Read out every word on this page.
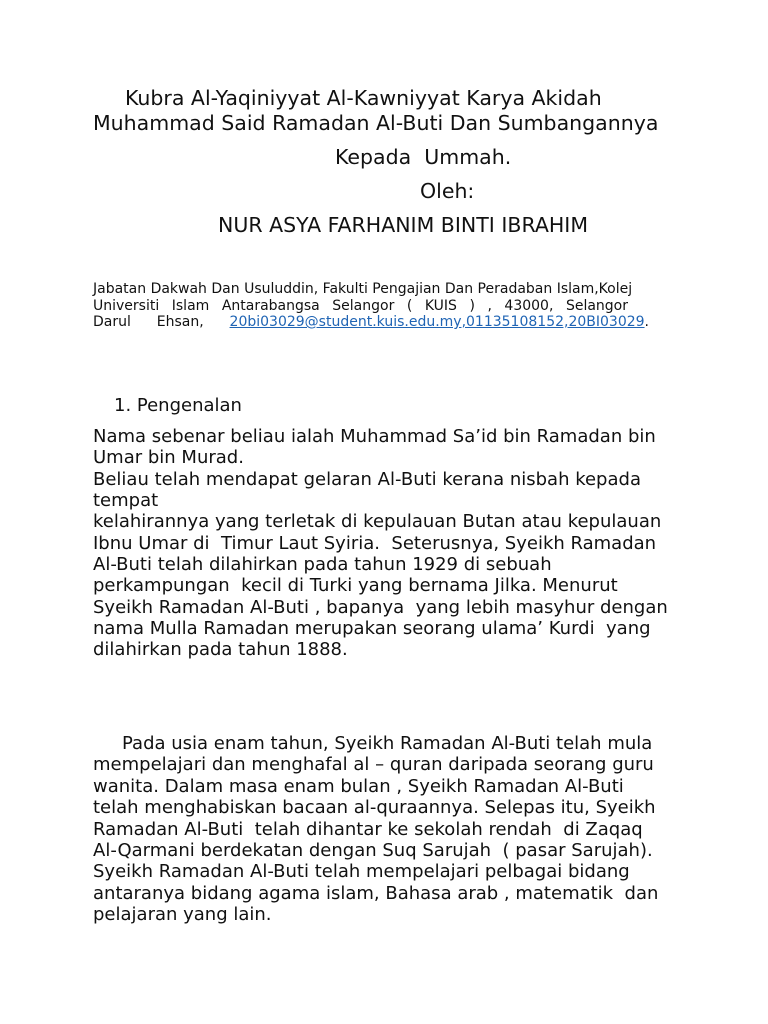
Kubra Al-Yaqiniyyat Al-Kawniyyat Karya Akidah
Muhammad Said Ramadan Al-Buti Dan Sumbangannya
Kepada  Ummah.
Oleh:
NUR ASYA FARHANIM BINTI IBRAHIM
Jabatan Dakwah Dan Usuluddin, Fakulti Pengajian Dan Peradaban Islam,Kolej
Universiti Islam Antarabangsa Selangor ( KUIS ) , 43000, Selangor
Darul Ehsan, 20bi03029@student.kuis.edu.my,01135108152,20BI03029.
1. Pengenalan
Nama sebenar beliau ialah Muhammad Sa’id bin Ramadan bin
Umar bin Murad.
Beliau telah mendapat gelaran Al-Buti kerana nisbah kepada
tempat
kelahirannya yang terletak di kepulauan Butan atau kepulauan
Ibnu Umar di  Timur Laut Syiria.  Seterusnya, Syeikh Ramadan
Al-Buti telah dilahirkan pada tahun 1929 di sebuah
perkampungan  kecil di Turki yang bernama Jilka. Menurut
Syeikh Ramadan Al-Buti , bapanya  yang lebih masyhur dengan
nama Mulla Ramadan merupakan seorang ulama’ Kurdi  yang
dilahirkan pada tahun 1888.
Pada usia enam tahun, Syeikh Ramadan Al-Buti telah mula
mempelajari dan menghafal al – quran daripada seorang guru
wanita. Dalam masa enam bulan , Syeikh Ramadan Al-Buti
telah menghabiskan bacaan al-quraannya. Selepas itu, Syeikh
Ramadan Al-Buti  telah dihantar ke sekolah rendah  di Zaqaq
Al-Qarmani berdekatan dengan Suq Sarujah  ( pasar Sarujah).
Syeikh Ramadan Al-Buti telah mempelajari pelbagai bidang
antaranya bidang agama islam, Bahasa arab , matematik  dan
pelajaran yang lain.
